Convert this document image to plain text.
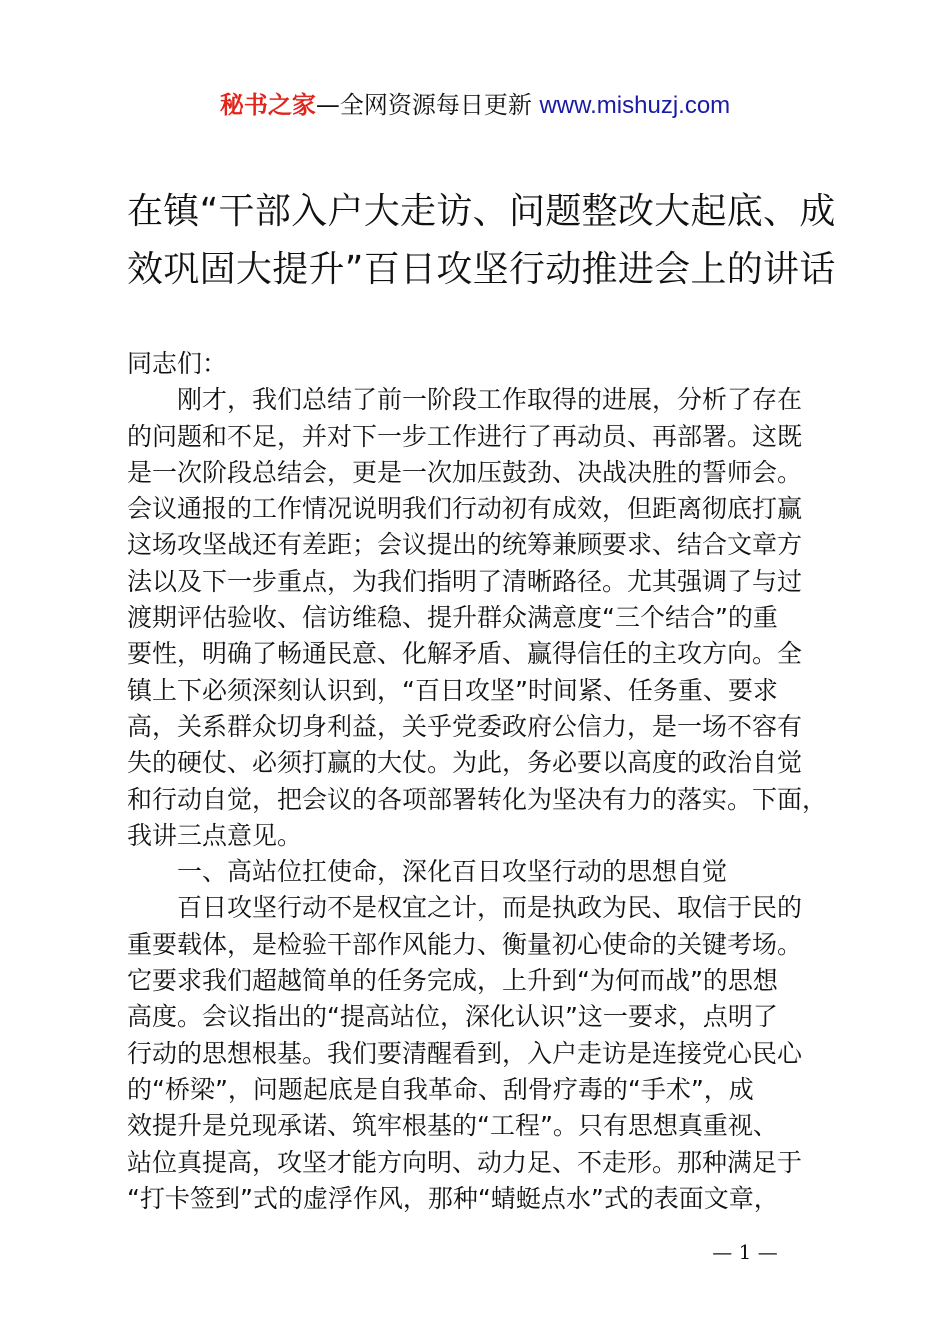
秘书之家—全网资源每日更新 www.mishuzj.com
在镇“干部入户大走访、问题整改大起底、成
效巩固大提升”百日攻坚行动推进会上的讲话

同志们：

　　刚才，我们总结了前一阶段工作取得的进展，分析了存在

的问题和不足，并对下一步工作进行了再动员、再部署。这既

是一次阶段总结会，更是一次加压鼓劲、决战决胜的誓师会。

会议通报的工作情况说明我们行动初有成效，但距离彻底打赢

这场攻坚战还有差距；会议提出的统筹兼顾要求、结合文章方

法以及下一步重点，为我们指明了清晰路径。尤其强调了与过

渡期评估验收、信访维稳、提升群众满意度“三个结合”的重

要性，明确了畅通民意、化解矛盾、赢得信任的主攻方向。全

镇上下必须深刻认识到，“百日攻坚”时间紧、任务重、要求

高，关系群众切身利益，关乎党委政府公信力，是一场不容有

失的硬仗、必须打赢的大仗。为此，务必要以高度的政治自觉

和行动自觉，把会议的各项部署转化为坚决有力的落实。下面，

我讲三点意见。

　　一、高站位扛使命，深化百日攻坚行动的思想自觉

　　百日攻坚行动不是权宜之计，而是执政为民、取信于民的

重要载体，是检验干部作风能力、衡量初心使命的关键考场。

它要求我们超越简单的任务完成，上升到“为何而战”的思想

高度。会议指出的“提高站位，深化认识”这一要求，点明了

行动的思想根基。我们要清醒看到，入户走访是连接党心民心

的“桥梁”，问题起底是自我革命、刮骨疗毒的“手术”，成

效提升是兑现承诺、筑牢根基的“工程”。只有思想真重视、

站位真提高，攻坚才能方向明、动力足、不走形。那种满足于

“打卡签到”式的虚浮作风，那种“蜻蜓点水”式的表面文章，

— 1 —
